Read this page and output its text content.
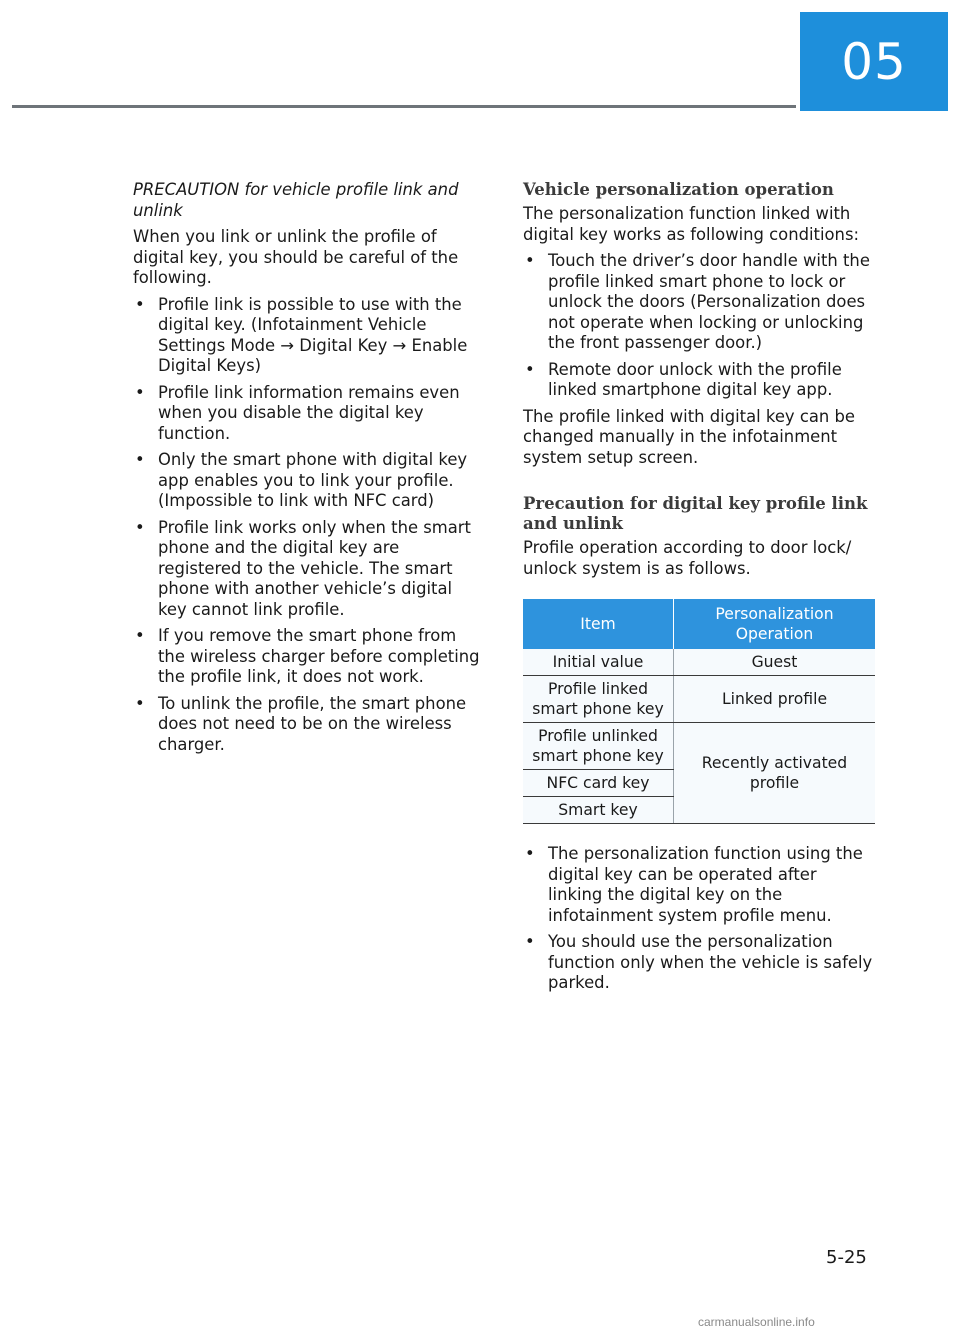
05

PRECAUTION for vehicle profile link and unlink

When you link or unlink the profile of digital key, you should be careful of the following.

• Profile link is possible to use with the digital key. (Infotainment Vehicle Settings Mode → Digital Key → Enable Digital Keys)
• Profile link information remains even when you disable the digital key function.
• Only the smart phone with digital key app enables you to link your profile. (Impossible to link with NFC card)
• Profile link works only when the smart phone and the digital key are registered to the vehicle. The smart phone with another vehicle’s digital key cannot link profile.
• If you remove the smart phone from the wireless charger before completing the profile link, it does not work.
• To unlink the profile, the smart phone does not need to be on the wireless charger.

Vehicle personalization operation

The personalization function linked with digital key works as following conditions:

• Touch the driver’s door handle with the profile linked smart phone to lock or unlock the doors (Personalization does not operate when locking or unlocking the front passenger door.)
• Remote door unlock with the profile linked smartphone digital key app.

The profile linked with digital key can be changed manually in the infotainment system setup screen.

Precaution for digital key profile link and unlink

Profile operation according to door lock/ unlock system is as follows.

Item	Personalization Operation
Initial value	Guest
Profile linked smart phone key	Linked profile
Profile unlinked smart phone key	Recently activated profile
NFC card key	
Smart key	
• The personalization function using the digital key can be operated after linking the digital key on the infotainment system profile menu.
• You should use the personalization function only when the vehicle is safely parked.
5-25
carmanualsonline.info
